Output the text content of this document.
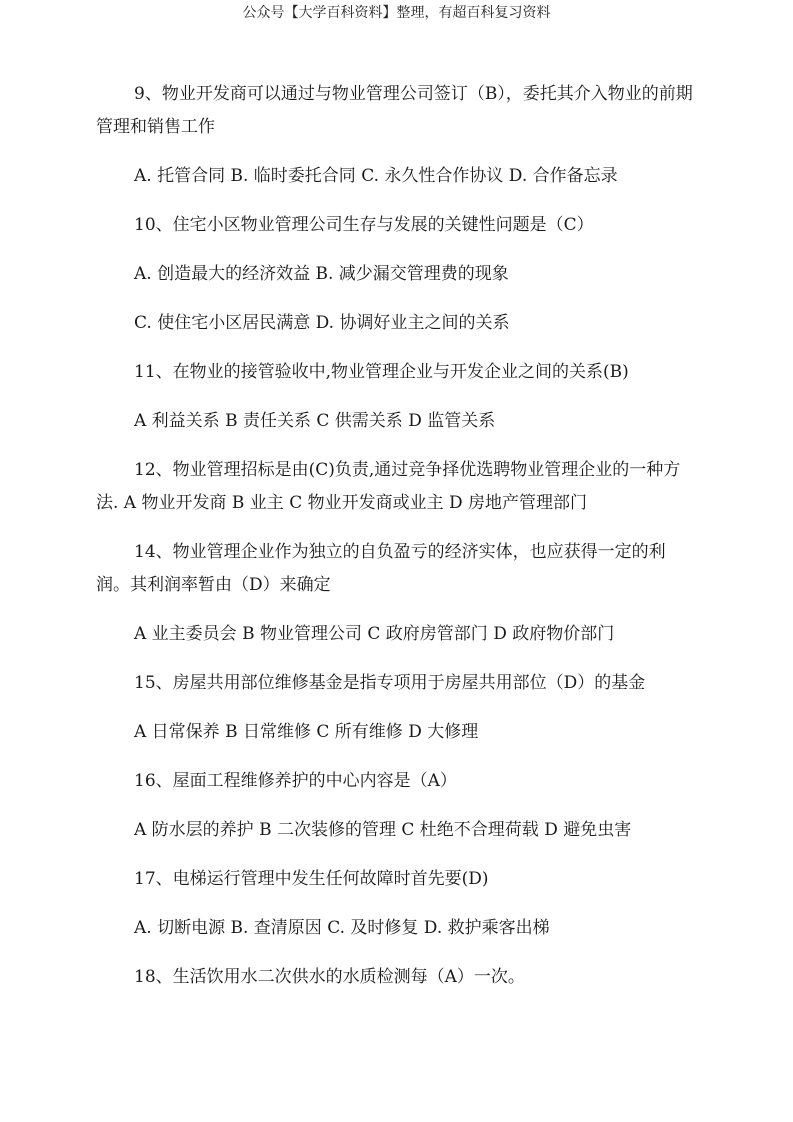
公众号【大学百科资料】整理，有超百科复习资料

9、物业开发商可以通过与物业管理公司签订（B），委托其介入物业的前期管理和销售工作

A. 托管合同 B. 临时委托合同 C. 永久性合作协议 D. 合作备忘录

10、住宅小区物业管理公司生存与发展的关键性问题是（C）

A. 创造最大的经济效益 B. 减少漏交管理费的现象

C. 使住宅小区居民满意 D. 协调好业主之间的关系

11、在物业的接管验收中,物业管理企业与开发企业之间的关系(B)

A 利益关系 B 责任关系 C 供需关系 D 监管关系

12、物业管理招标是由(C)负责,通过竞争择优选聘物业管理企业的一种方法. A 物业开发商 B 业主 C 物业开发商或业主 D 房地产管理部门

14、物业管理企业作为独立的自负盈亏的经济实体，也应获得一定的利润。其利润率暂由（D）来确定

A 业主委员会 B 物业管理公司 C 政府房管部门 D 政府物价部门

15、房屋共用部位维修基金是指专项用于房屋共用部位（D）的基金

A 日常保养 B 日常维修 C 所有维修 D 大修理

16、屋面工程维修养护的中心内容是（A）

A 防水层的养护 B 二次装修的管理 C 杜绝不合理荷载 D 避免虫害

17、电梯运行管理中发生任何故障时首先要(D)

A. 切断电源 B. 查清原因 C. 及时修复 D. 救护乘客出梯

18、生活饮用水二次供水的水质检测每（A）一次。
